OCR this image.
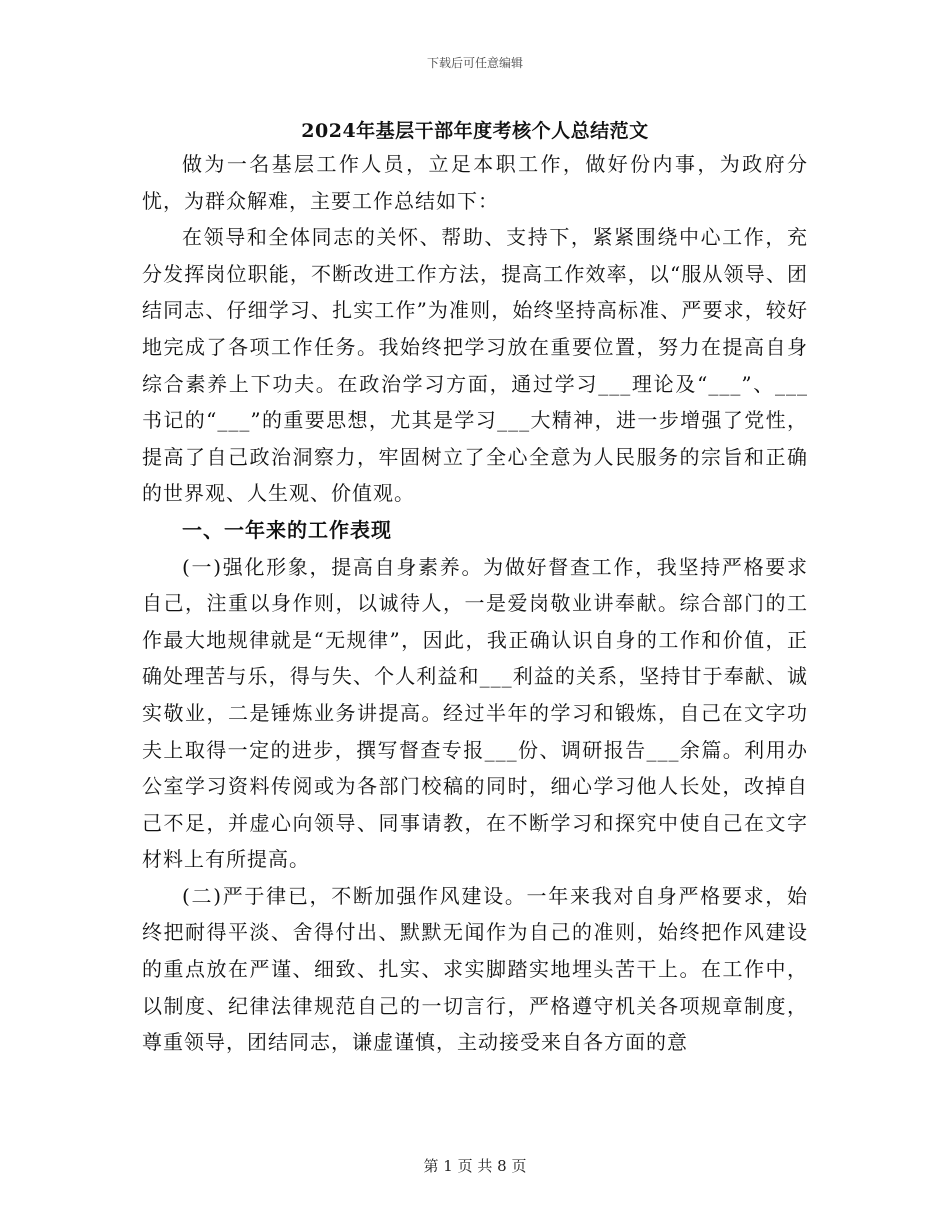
下载后可任意编辑
2024年基层干部年度考核个人总结范文

做为一名基层工作人员，立足本职工作，做好份内事，为政府分忧，为群众解难，主要工作总结如下：

在领导和全体同志的关怀、帮助、支持下，紧紧围绕中心工作，充分发挥岗位职能，不断改进工作方法，提高工作效率，以“服从领导、团结同志、仔细学习、扎实工作”为准则，始终坚持高标准、严要求，较好地完成了各项工作任务。我始终把学习放在重要位置，努力在提高自身综合素养上下功夫。在政治学习方面，通过学习___理论及“___”、___书记的“___”的重要思想，尤其是学习___大精神，进一步增强了党性，提高了自己政治洞察力，牢固树立了全心全意为人民服务的宗旨和正确的世界观、人生观、价值观。

一、一年来的工作表现

(一)强化形象，提高自身素养。为做好督查工作，我坚持严格要求自己，注重以身作则，以诚待人，一是爱岗敬业讲奉献。综合部门的工作最大地规律就是“无规律”，因此，我正确认识自身的工作和价值，正确处理苦与乐，得与失、个人利益和___利益的关系，坚持甘于奉献、诚实敬业，二是锤炼业务讲提高。经过半年的学习和锻炼，自己在文字功夫上取得一定的进步，撰写督查专报___份、调研报告___余篇。利用办公室学习资料传阅或为各部门校稿的同时，细心学习他人长处，改掉自己不足，并虚心向领导、同事请教，在不断学习和探究中使自己在文字材料上有所提高。

(二)严于律已，不断加强作风建设。一年来我对自身严格要求，始终把耐得平淡、舍得付出、默默无闻作为自己的准则，始终把作风建设的重点放在严谨、细致、扎实、求实脚踏实地埋头苦干上。在工作中，以制度、纪律法律规范自己的一切言行，严格遵守机关各项规章制度，尊重领导，团结同志，谦虚谨慎，主动接受来自各方面的意

第 1 页 共 8 页
